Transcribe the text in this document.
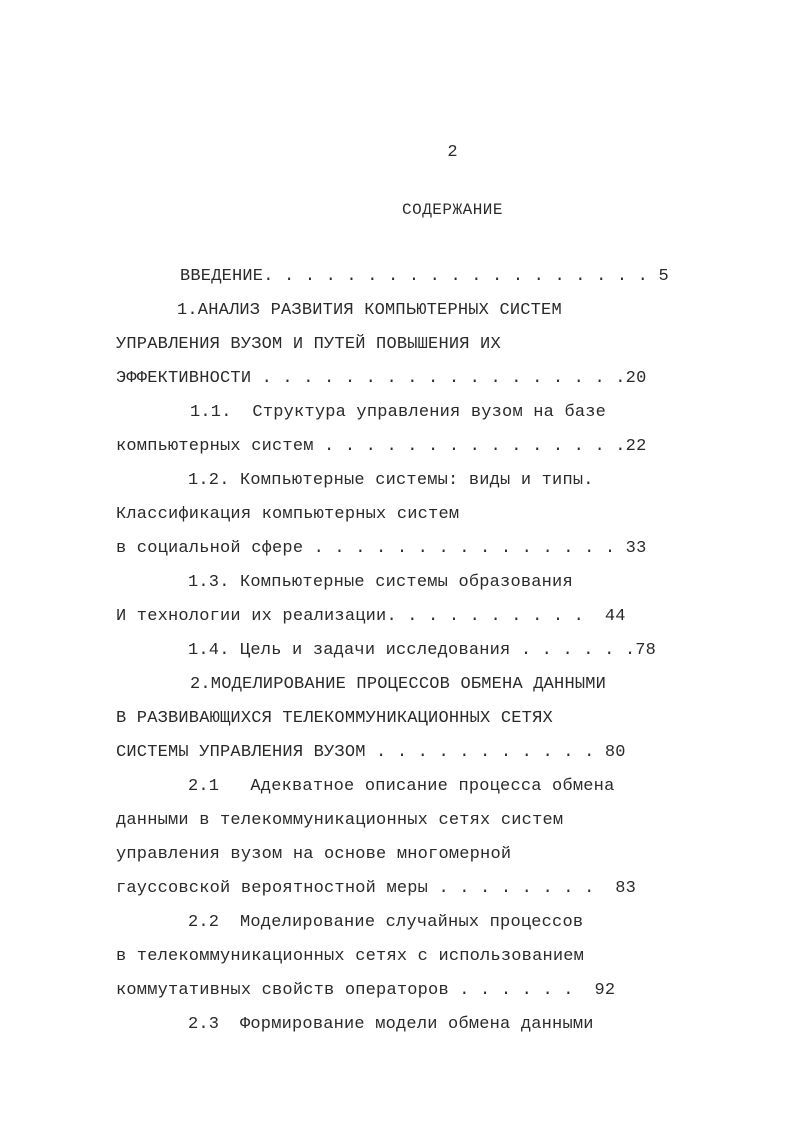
2
СОДЕРЖАНИЕ
ВВЕДЕНИЕ. . . . . . . . . . . . . . . . . . . 5
1.АНАЛИЗ РАЗВИТИЯ КОМПЬЮТЕРНЫХ СИСТЕМ
УПРАВЛЕНИЯ ВУЗОМ И ПУТЕЙ ПОВЫШЕНИЯ ИХ
ЭФФЕКТИВНОСТИ . . . . . . . . . . . . . . . . . .20
1.1.  Структура управления вузом на базе
компьютерных систем . . . . . . . . . . . . . . .22
1.2. Компьютерные системы: виды и типы.
Классификация компьютерных систем
в социальной сфере . . . . . . . . . . . . . . . 33
1.3. Компьютерные системы образования
И технологии их реализации. . . . . . . . . .  44
1.4. Цель и задачи исследования . . . . . .78
2.МОДЕЛИРОВАНИЕ ПРОЦЕССОВ ОБМЕНА ДАННЫМИ
В РАЗВИВАЮЩИХСЯ ТЕЛЕКОММУНИКАЦИОННЫХ СЕТЯХ
СИСТЕМЫ УПРАВЛЕНИЯ ВУЗОМ . . . . . . . . . . . 80
2.1   Адекватное описание процесса обмена
данными в телекоммуникационных сетях систем
управления вузом на основе многомерной
гауссовской вероятностной меры . . . . . . . .  83
2.2  Моделирование случайных процессов
в телекоммуникационных сетях с использованием
коммутативных свойств операторов . . . . . .  92
2.3  Формирование модели обмена данными
